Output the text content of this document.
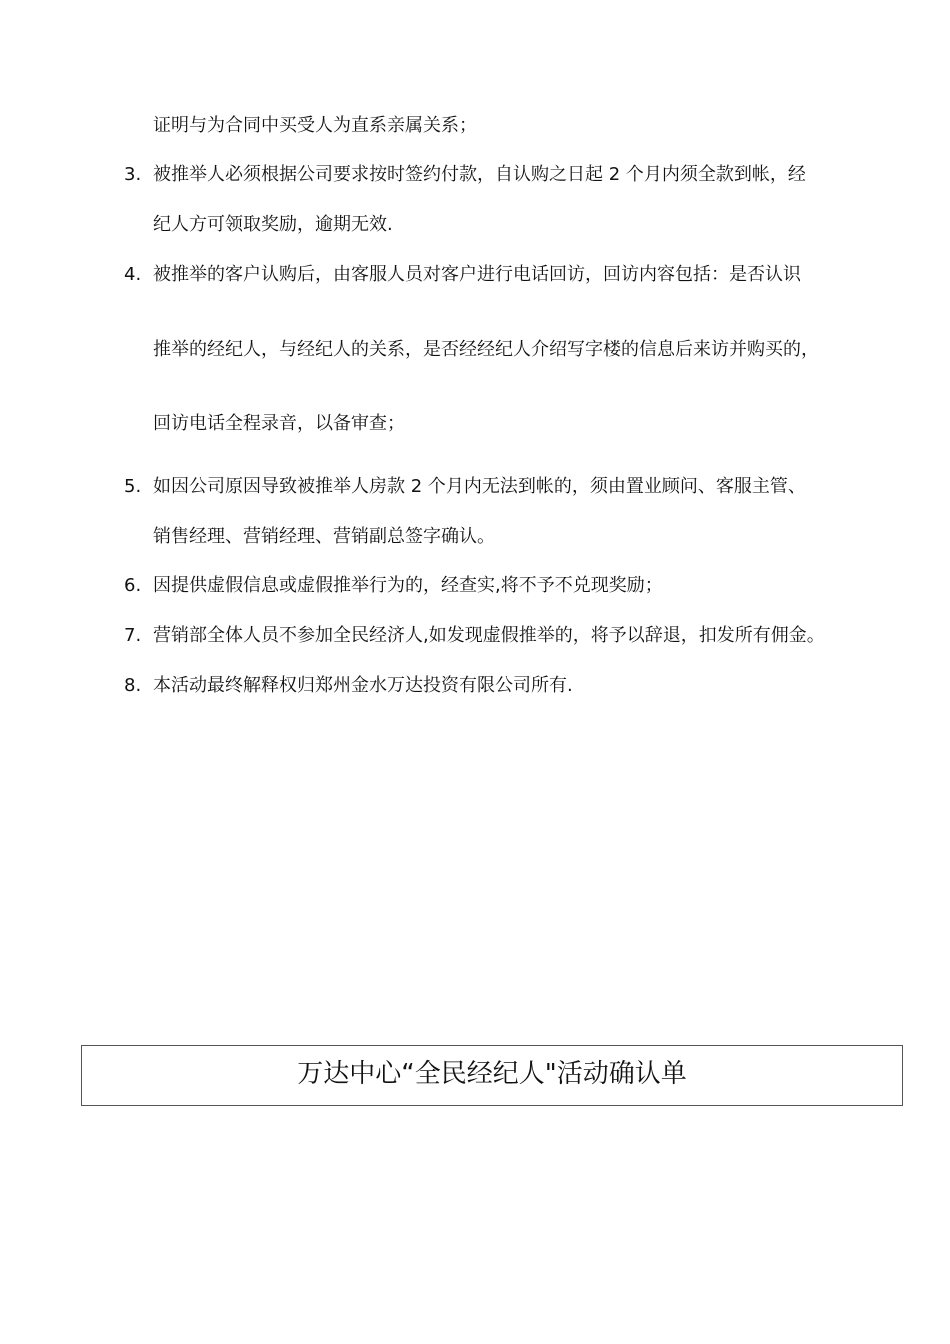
证明与为合同中买受人为直系亲属关系；
3. 被推举人必须根据公司要求按时签约付款，自认购之日起 2 个月内须全款到帐，经
纪人方可领取奖励，逾期无效.
4. 被推举的客户认购后，由客服人员对客户进行电话回访，回访内容包括：是否认识
推举的经纪人，与经纪人的关系，是否经经纪人介绍写字楼的信息后来访并购买的，
回访电话全程录音，以备审查；
5. 如因公司原因导致被推举人房款 2 个月内无法到帐的，须由置业顾问、客服主管、
销售经理、营销经理、营销副总签字确认。
6. 因提供虚假信息或虚假推举行为的，经查实,将不予不兑现奖励；
7. 营销部全体人员不参加全民经济人,如发现虚假推举的，将予以辞退，扣发所有佣金。
8. 本活动最终解释权归郑州金水万达投资有限公司所有.
万达中心“全民经纪人"活动确认单
